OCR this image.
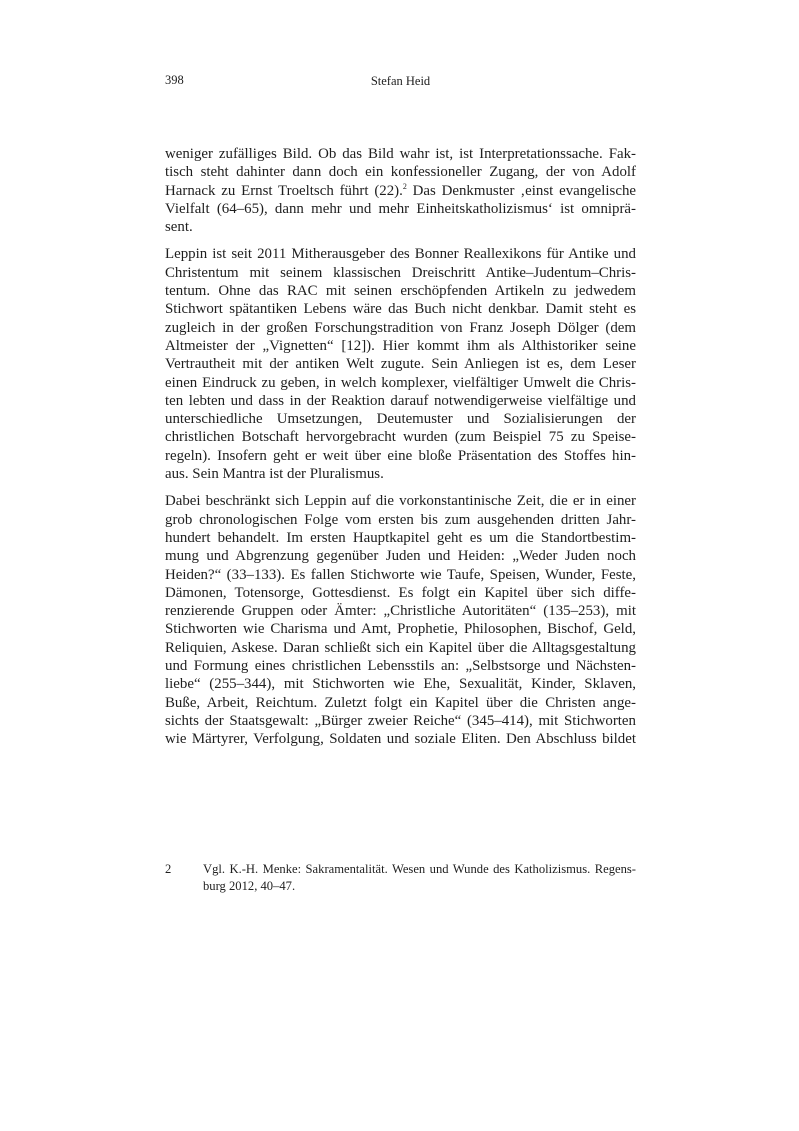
398	Stefan Heid
weniger zufälliges Bild. Ob das Bild wahr ist, ist Interpretationssache. Fak-
tisch steht dahinter dann doch ein konfessioneller Zugang, der von Adolf
Harnack zu Ernst Troeltsch führt (22).$^2$ Das Denkmuster ‚einst evangelische
Vielfalt (64–65), dann mehr und mehr Einheitskatholizismus‘ ist omniprä-
sent.
Leppin ist seit 2011 Mitherausgeber des Bonner Reallexikons für Antike und
Christentum mit seinem klassischen Dreischritt Antike–Judentum–Chris-
tentum. Ohne das RAC mit seinen erschöpfenden Artikeln zu jedwedem
Stichwort spätantiken Lebens wäre das Buch nicht denkbar. Damit steht es
zugleich in der großen Forschungstradition von Franz Joseph Dölger (dem
Altmeister der „Vignetten“ [12]). Hier kommt ihm als Althistoriker seine
Vertrautheit mit der antiken Welt zugute. Sein Anliegen ist es, dem Leser
einen Eindruck zu geben, in welch komplexer, vielfältiger Umwelt die Chris-
ten lebten und dass in der Reaktion darauf notwendigerweise vielfältige und
unterschiedliche Umsetzungen, Deutemuster und Sozialisierungen der
christlichen Botschaft hervorgebracht wurden (zum Beispiel 75 zu Speise-
regeln). Insofern geht er weit über eine bloße Präsentation des Stoffes hin-
aus. Sein Mantra ist der Pluralismus.
Dabei beschränkt sich Leppin auf die vorkonstantinische Zeit, die er in einer
grob chronologischen Folge vom ersten bis zum ausgehenden dritten Jahr-
hundert behandelt. Im ersten Hauptkapitel geht es um die Standortbestim-
mung und Abgrenzung gegenüber Juden und Heiden: „Weder Juden noch
Heiden?“ (33–133). Es fallen Stichworte wie Taufe, Speisen, Wunder, Feste,
Dämonen, Totensorge, Gottesdienst. Es folgt ein Kapitel über sich diffe-
renzierende Gruppen oder Ämter: „Christliche Autoritäten“ (135–253), mit
Stichworten wie Charisma und Amt, Prophetie, Philosophen, Bischof, Geld,
Reliquien, Askese. Daran schließt sich ein Kapitel über die Alltagsgestaltung
und Formung eines christlichen Lebensstils an: „Selbstsorge und Nächsten-
liebe“ (255–344), mit Stichworten wie Ehe, Sexualität, Kinder, Sklaven,
Buße, Arbeit, Reichtum. Zuletzt folgt ein Kapitel über die Christen ange-
sichts der Staatsgewalt: „Bürger zweier Reiche“ (345–414), mit Stichworten
wie Märtyrer, Verfolgung, Soldaten und soziale Eliten. Den Abschluss bildet
2	Vgl. K.-H. Menke: Sakramentalität. Wesen und Wunde des Katholizismus. Regens-
burg 2012, 40–47.
